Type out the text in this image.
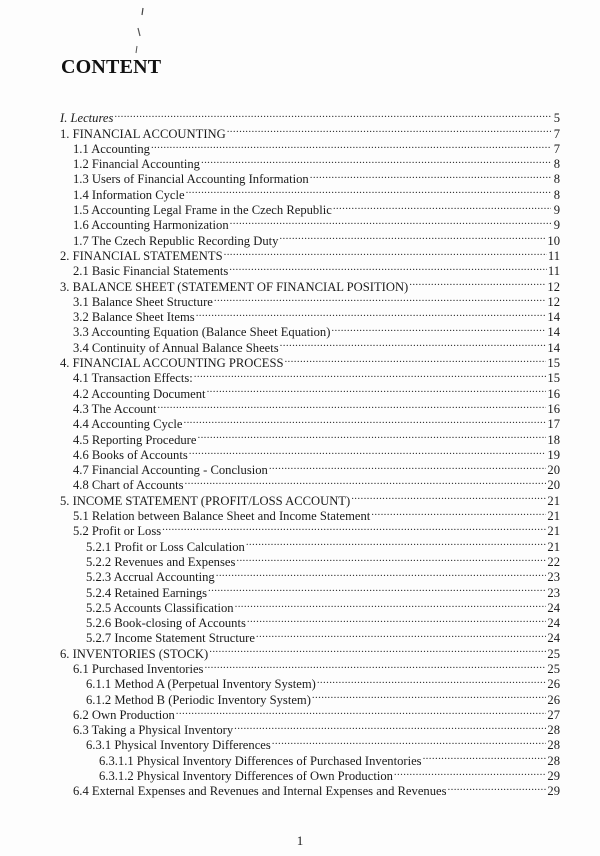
CONTENT
I. Lectures .....	5
1. FINANCIAL ACCOUNTING .....	7
1.1 Accounting .....	7
1.2 Financial Accounting .....	8
1.3 Users of Financial Accounting Information .....	8
1.4 Information Cycle .....	8
1.5 Accounting Legal Frame in the Czech Republic .....	9
1.6 Accounting Harmonization .....	9
1.7 The Czech Republic Recording Duty .....	10
2. FINANCIAL STATEMENTS .....	11
2.1 Basic Financial Statements .....	11
3. BALANCE SHEET (STATEMENT OF FINANCIAL POSITION) .....	12
3.1 Balance Sheet Structure .....	12
3.2 Balance Sheet Items .....	14
3.3 Accounting Equation (Balance Sheet Equation) .....	14
3.4 Continuity of Annual Balance Sheets .....	14
4. FINANCIAL ACCOUNTING PROCESS .....	15
4.1 Transaction Effects: .....	15
4.2 Accounting Document .....	16
4.3 The Account .....	16
4.4 Accounting Cycle .....	17
4.5 Reporting Procedure .....	18
4.6 Books of Accounts .....	19
4.7 Financial Accounting - Conclusion .....	20
4.8 Chart of Accounts .....	20
5. INCOME STATEMENT (PROFIT/LOSS ACCOUNT) .....	21
5.1 Relation between Balance Sheet and Income Statement .....	21
5.2 Profit or Loss .....	21
5.2.1 Profit or Loss Calculation .....	21
5.2.2 Revenues and Expenses .....	22
5.2.3 Accrual Accounting .....	23
5.2.4 Retained Earnings .....	23
5.2.5 Accounts Classification .....	24
5.2.6 Book-closing of Accounts .....	24
5.2.7 Income Statement Structure .....	24
6. INVENTORIES (STOCK) .....	25
6.1 Purchased Inventories .....	25
6.1.1 Method A (Perpetual Inventory System) .....	26
6.1.2 Method B (Periodic Inventory System) .....	26
6.2 Own Production .....	27
6.3 Taking a Physical Inventory .....	28
6.3.1 Physical Inventory Differences .....	28
6.3.1.1 Physical Inventory Differences of Purchased Inventories .....	28
6.3.1.2 Physical Inventory Differences of Own Production .....	29
6.4 External Expenses and Revenues and Internal Expenses and Revenues .....	29
1
